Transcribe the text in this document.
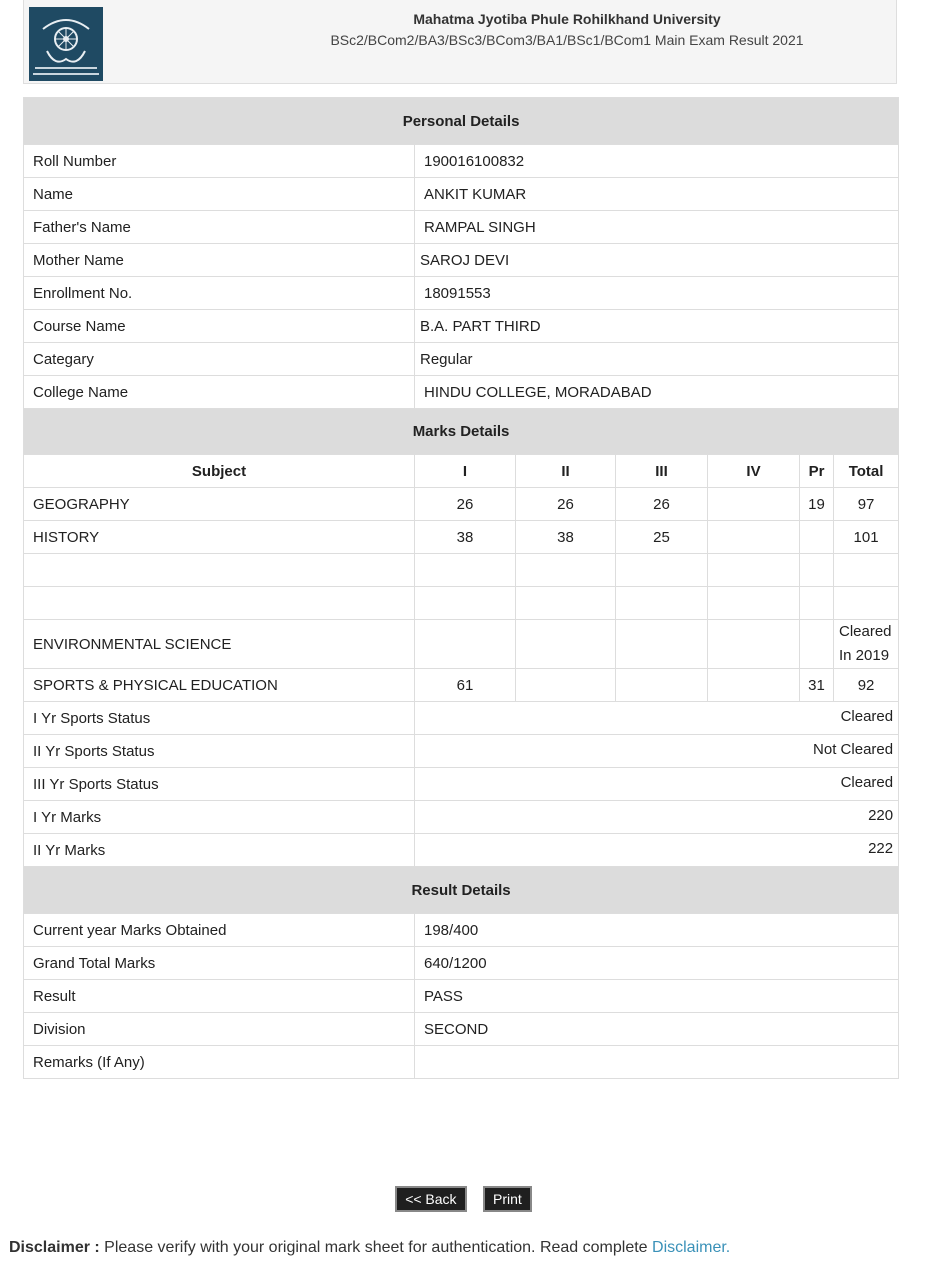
Mahatma Jyotiba Phule Rohilkhand University
BSc2/BCom2/BA3/BSc3/BCom3/BA1/BSc1/BCom1 Main Exam Result 2021
Personal Details						
Roll Number	190016100832					
Name	ANKIT KUMAR					
Father's Name	RAMPAL SINGH					
Mother Name	SAROJ DEVI					
Enrollment No.	18091553					
Course Name	B.A. PART THIRD					
Categary	Regular					
College Name	HINDU COLLEGE, MORADABAD					
Marks Details						
Subject	I	II	III	IV	Pr	Total
GEOGRAPHY	26	26	26		19	97
HISTORY	38	38	25			101

ENVIRONMENTAL SCIENCE						Cleared In 2019
SPORTS & PHYSICAL EDUCATION	61				31	92
I Yr Sports Status	Cleared					
II Yr Sports Status	Not Cleared					
III Yr Sports Status	Cleared					
I Yr Marks	220					
II Yr Marks	222					
Result Details						
Current year Marks Obtained	198/400					
Grand Total Marks	640/1200					
Result	PASS					
Division	SECOND					
Remarks (If Any)						
<< Back	Print
Disclaimer : Please verify with your original mark sheet for authentication. Read complete Disclaimer.
